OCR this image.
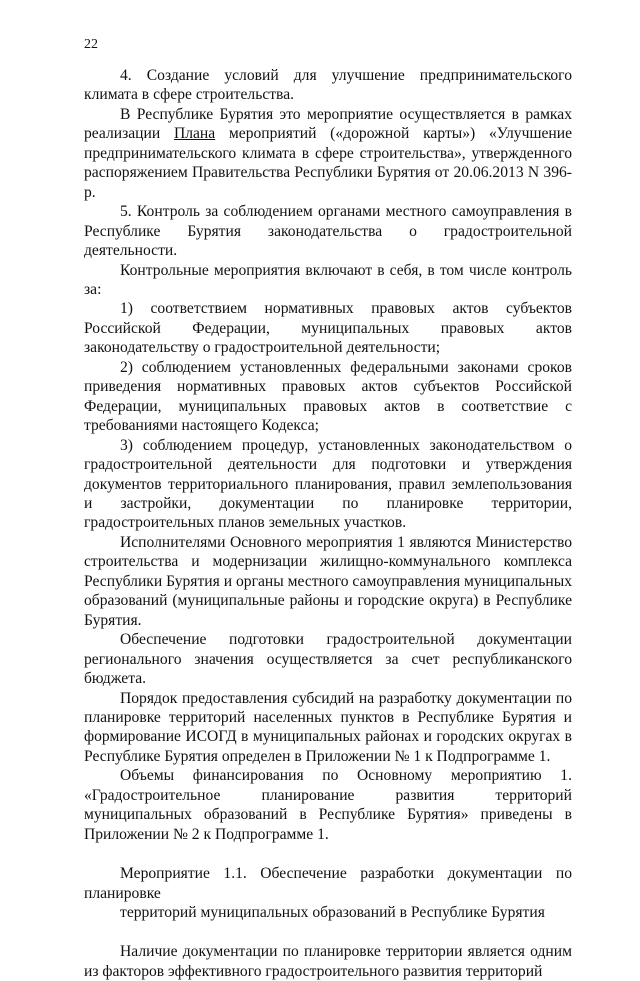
22

4. Создание условий для улучшение предпринимательского климата в сфере строительства.

В Республике Бурятия это мероприятие осуществляется в рамках реализации Плана мероприятий («дорожной карты») «Улучшение предпринимательского климата в сфере строительства», утвержденного распоряжением Правительства Республики Бурятия от 20.06.2013 N 396-р.

5. Контроль за соблюдением органами местного самоуправления в Республике Бурятия законодательства о градостроительной деятельности.

Контрольные мероприятия включают в себя, в том числе контроль за:

1) соответствием нормативных правовых актов субъектов Российской Федерации, муниципальных правовых актов законодательству о градостроительной деятельности;

2) соблюдением установленных федеральными законами сроков приведения нормативных правовых актов субъектов Российской Федерации, муниципальных правовых актов в соответствие с требованиями настоящего Кодекса;

3) соблюдением процедур, установленных законодательством о градостроительной деятельности для подготовки и утверждения документов территориального планирования, правил землепользования и застройки, документации по планировке территории, градостроительных планов земельных участков.

Исполнителями Основного мероприятия 1 являются Министерство строительства и модернизации жилищно-коммунального комплекса Республики Бурятия и органы местного самоуправления муниципальных образований (муниципальные районы и городские округа) в Республике Бурятия.

Обеспечение подготовки градостроительной документации регионального значения осуществляется за счет республиканского бюджета.

Порядок предоставления субсидий на разработку документации по планировке территорий населенных пунктов в Республике Бурятия и формирование ИСОГД в муниципальных районах и городских округах в Республике Бурятия определен в Приложении № 1 к Подпрограмме 1.

Объемы финансирования по Основному мероприятию 1. «Градостроительное планирование развития территорий муниципальных образований в Республике Бурятия» приведены в Приложении № 2 к Подпрограмме 1.

Мероприятие 1.1. Обеспечение разработки документации по планировке
территорий муниципальных образований в Республике Бурятия

Наличие документации по планировке территории является одним из факторов эффективного градостроительного развития территорий
